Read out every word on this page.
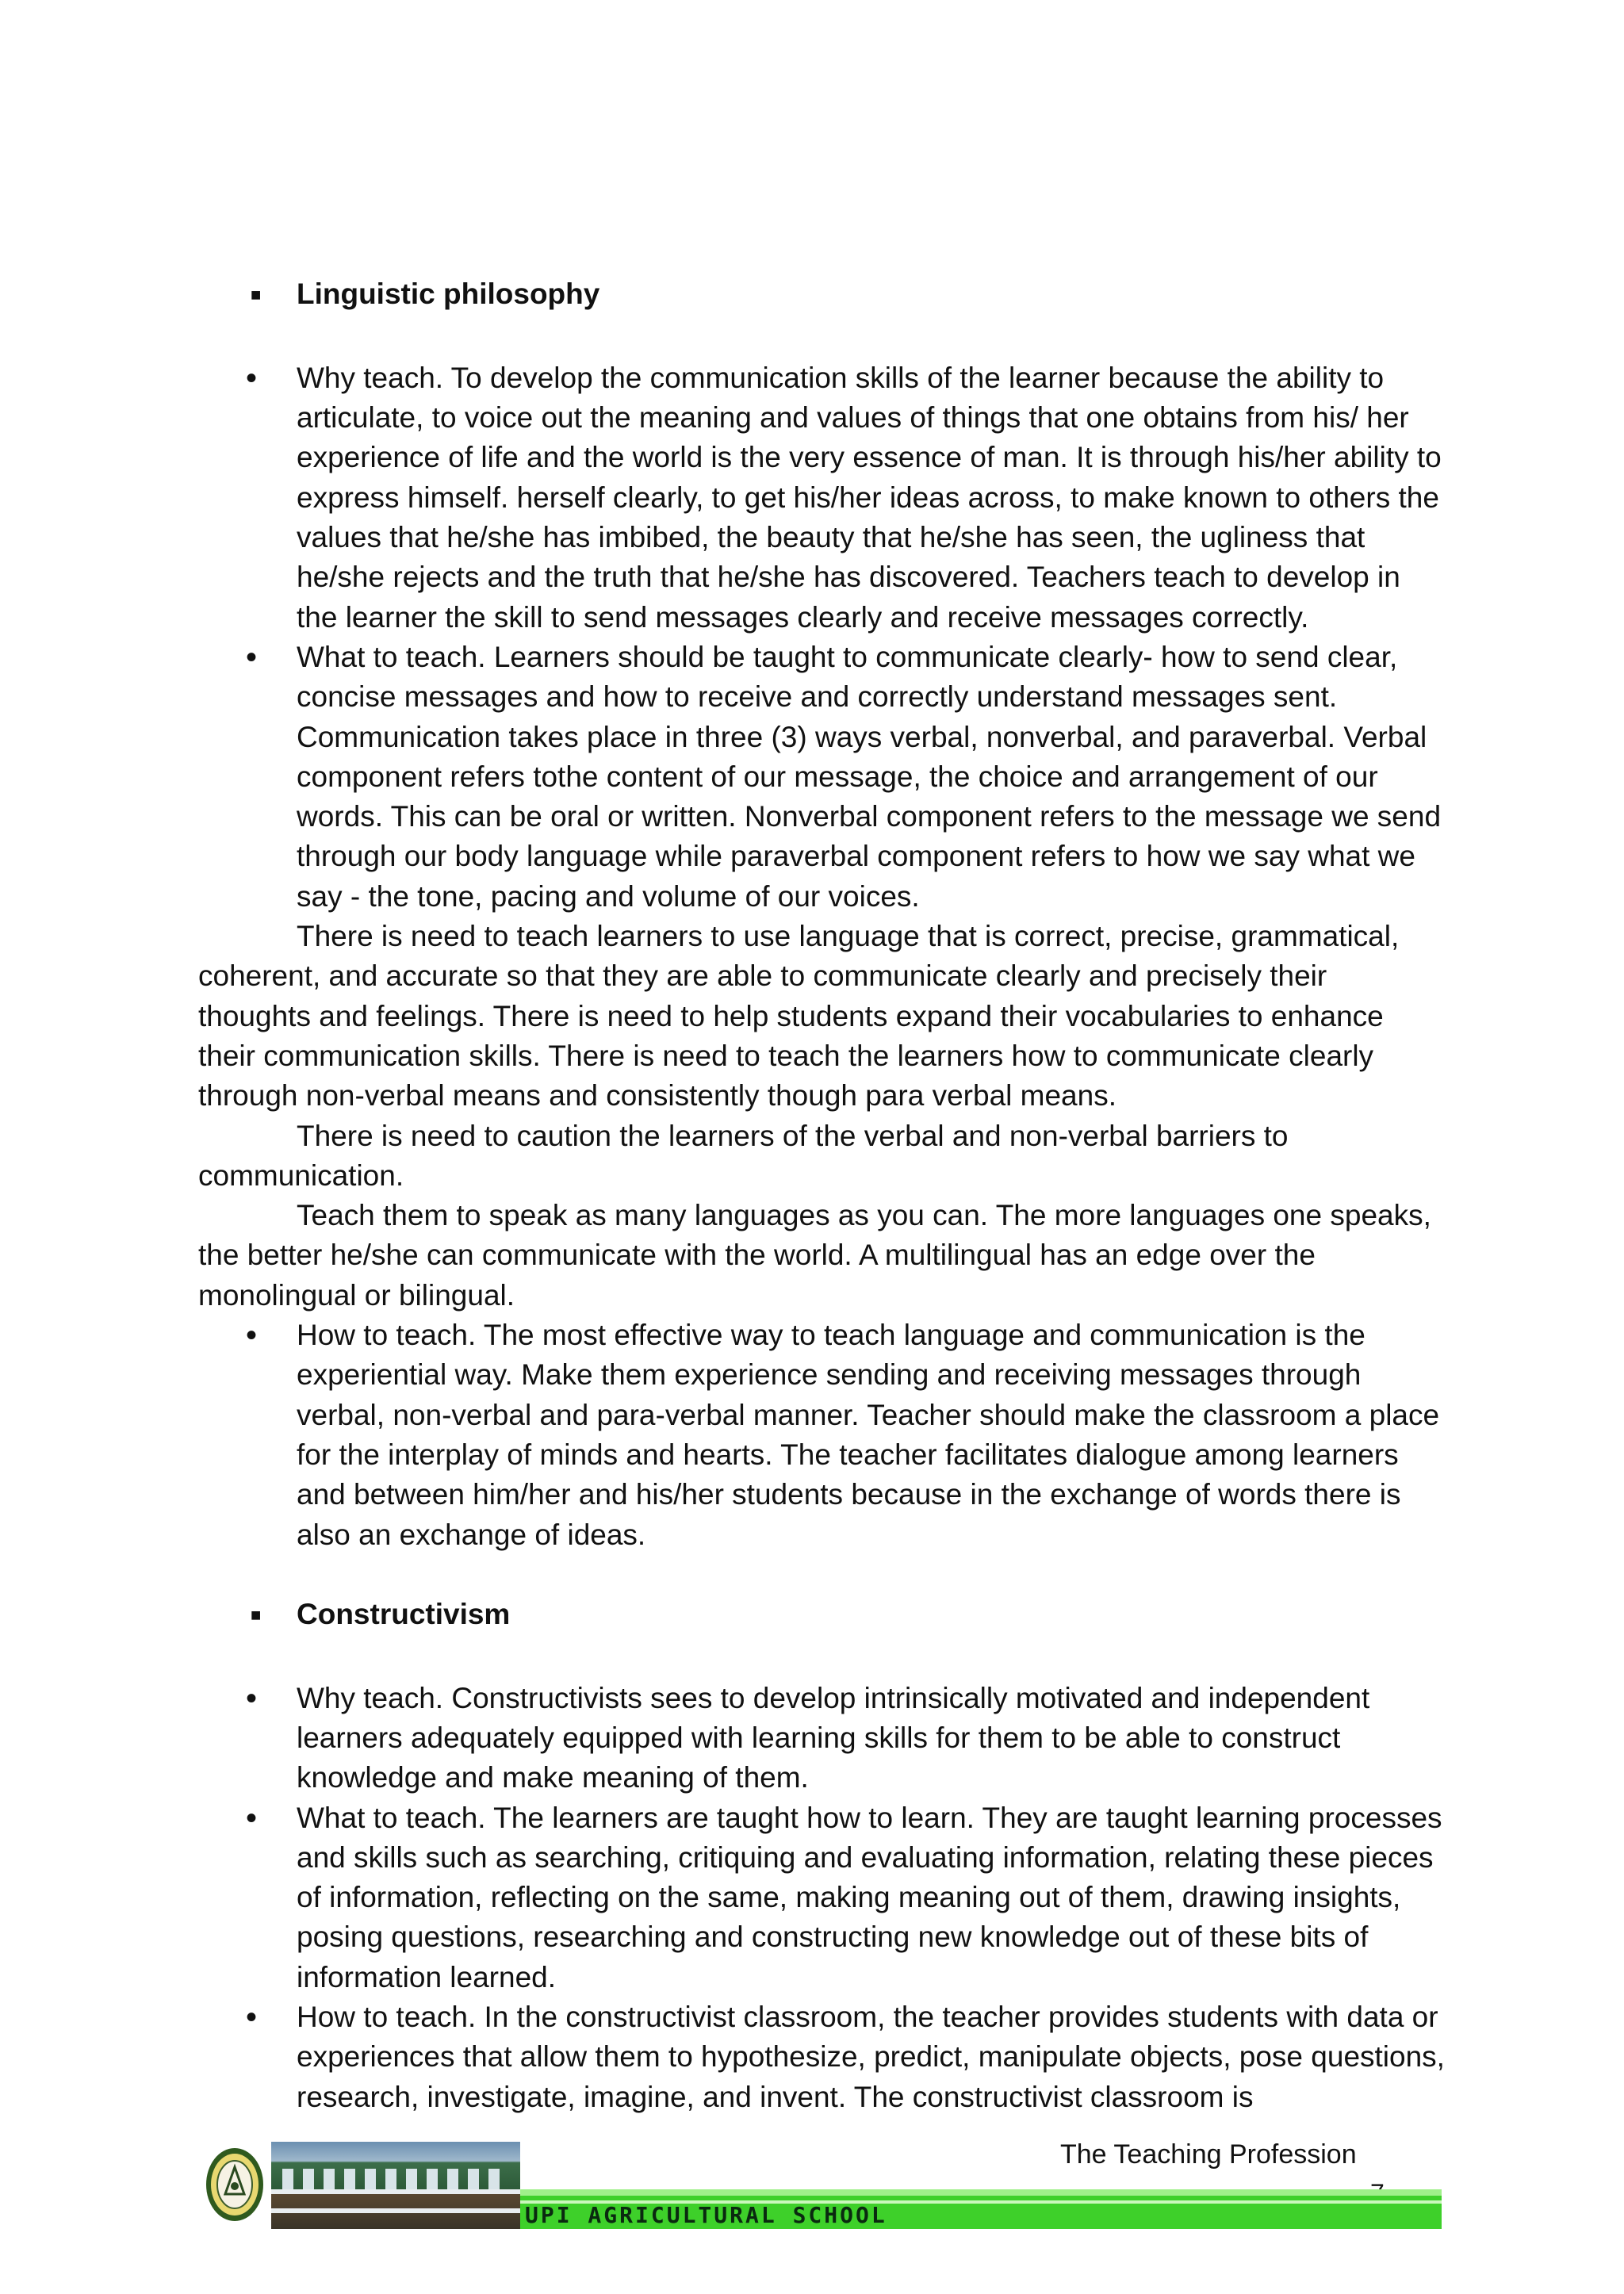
■	Linguistic philosophy
•	Why teach. To develop the communication skills of the learner because the ability to articulate, to voice out the meaning and values of things that one obtains from his/ her experience of life and the world is the very essence of man. It is through his/her ability to express himself. herself clearly, to get his/her ideas across, to make known to others the values that he/she has imbibed, the beauty that he/she has seen, the ugliness that he/she rejects and the truth that he/she has discovered. Teachers teach to develop in the learner the skill to send messages clearly and receive messages correctly.

•	What to teach. Learners should be taught to communicate clearly- how to send clear, concise messages and how to receive and correctly understand messages sent. Communication takes place in three (3) ways verbal, nonverbal, and paraverbal. Verbal component refers tothe content of our message, the choice and arrangement of our words. This can be oral or written. Nonverbal component refers to the message we send through our body language while paraverbal component refers to how we say what we say - the tone, pacing and volume of our voices.

There is need to teach learners to use language that is correct, precise, grammatical, coherent, and accurate so that they are able to communicate clearly and precisely their thoughts and feelings. There is need to help students expand their vocabularies to enhance their communication skills. There is need to teach the learners how to communicate clearly through non-verbal means and consistently though para verbal means.

There is need to caution the learners of the verbal and non-verbal barriers to communication.

Teach them to speak as many languages as you can. The more languages one speaks, the better he/she can communicate with the world. A multilingual has an edge over the monolingual or bilingual.

•	How to teach. The most effective way to teach language and communication is the experiential way. Make them experience sending and receiving messages through verbal, non-verbal and para-verbal manner. Teacher should make the classroom a place for the interplay of minds and hearts. The teacher facilitates dialogue among learners and between him/her and his/her students because in the exchange of words there is also an exchange of ideas.

■	Constructivism
•	Why teach. Constructivists sees to develop intrinsically motivated and independent learners adequately equipped with learning skills for them to be able to construct knowledge and make meaning of them.

•	What to teach. The learners are taught how to learn. They are taught learning processes and skills such as searching, critiquing and evaluating information, relating these pieces of information, reflecting on the same, making meaning out of them, drawing insights, posing questions, researching and constructing new knowledge out of these bits of information learned.

•	How to teach. In the constructivist classroom, the teacher provides students with data or experiences that allow them to hypothesize, predict, manipulate objects, pose questions, research, investigate, imagine, and invent. The constructivist classroom is

The Teaching Profession
UPI AGRICULTURAL SCHOOL
